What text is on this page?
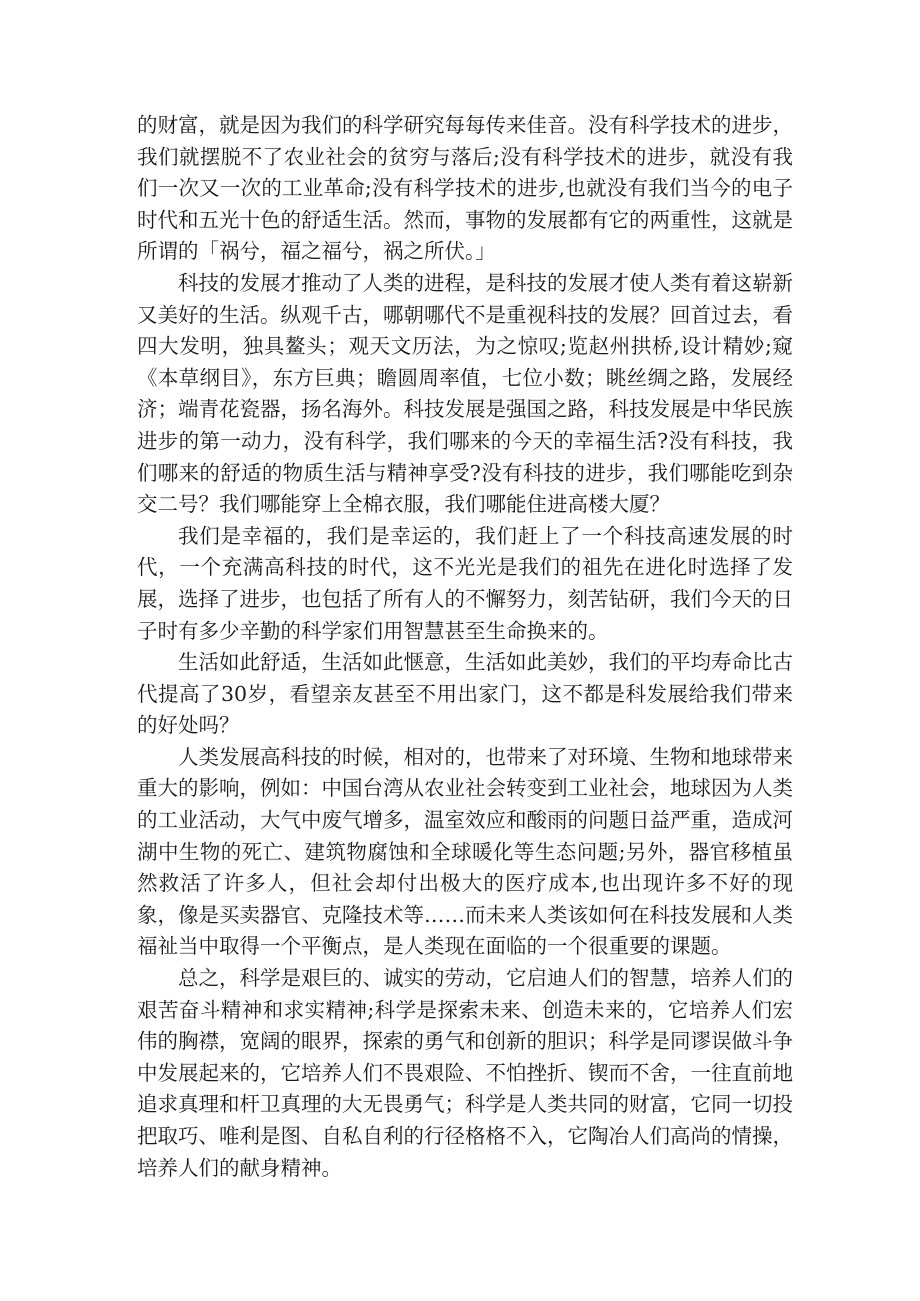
的财富，就是因为我们的科学研究每每传来佳音。没有科学技术的进步，我们就摆脱不了农业社会的贫穷与落后;没有科学技术的进步，就没有我们一次又一次的工业革命;没有科学技术的进步,也就没有我们当今的电子时代和五光十色的舒适生活。然而，事物的发展都有它的两重性，这就是所谓的「祸兮，福之福兮，祸之所伏。」

科技的发展才推动了人类的进程，是科技的发展才使人类有着这崭新又美好的生活。纵观千古，哪朝哪代不是重视科技的发展？回首过去，看四大发明，独具鳌头；观天文历法，为之惊叹;览赵州拱桥,设计精妙;窥《本草纲目》，东方巨典；瞻圆周率值，七位小数；眺丝绸之路，发展经济；端青花瓷器，扬名海外。科技发展是强国之路，科技发展是中华民族进步的第一动力，没有科学，我们哪来的今天的幸福生活?没有科技，我们哪来的舒适的物质生活与精神享受?没有科技的进步，我们哪能吃到杂交二号？我们哪能穿上全棉衣服，我们哪能住进高楼大厦？

我们是幸福的，我们是幸运的，我们赶上了一个科技高速发展的时代，一个充满高科技的时代，这不光光是我们的祖先在进化时选择了发展，选择了进步，也包括了所有人的不懈努力，刻苦钻研，我们今天的日子时有多少辛勤的科学家们用智慧甚至生命换来的。

生活如此舒适，生活如此惬意，生活如此美妙，我们的平均寿命比古代提高了30岁，看望亲友甚至不用出家门，这不都是科发展给我们带来的好处吗？

人类发展高科技的时候，相对的，也带来了对环境、生物和地球带来重大的影响，例如：中国台湾从农业社会转变到工业社会，地球因为人类的工业活动，大气中废气增多，温室效应和酸雨的问题日益严重，造成河湖中生物的死亡、建筑物腐蚀和全球暖化等生态问题;另外，器官移植虽然救活了许多人，但社会却付出极大的医疗成本,也出现许多不好的现象，像是买卖器官、克隆技术等……而未来人类该如何在科技发展和人类福祉当中取得一个平衡点，是人类现在面临的一个很重要的课题。

总之，科学是艰巨的、诚实的劳动，它启迪人们的智慧，培养人们的艰苦奋斗精神和求实精神;科学是探索未来、创造未来的，它培养人们宏伟的胸襟，宽阔的眼界，探索的勇气和创新的胆识；科学是同谬误做斗争中发展起来的，它培养人们不畏艰险、不怕挫折、锲而不舍，一往直前地追求真理和杆卫真理的大无畏勇气；科学是人类共同的财富，它同一切投把取巧、唯利是图、自私自利的行径格格不入，它陶冶人们高尚的情操，培养人们的献身精神。
